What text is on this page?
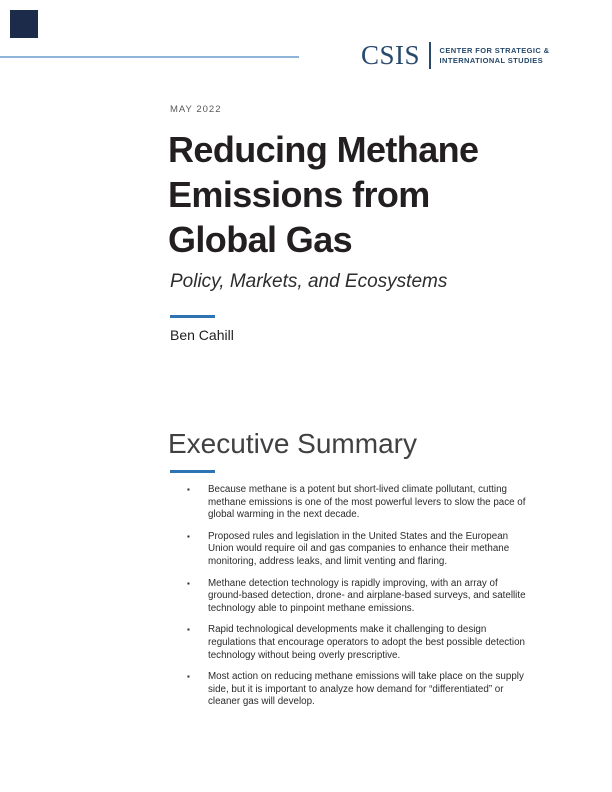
CSIS	CENTER FOR STRATEGIC &
INTERNATIONAL STUDIES
MAY 2022
Reducing Methane
Emissions from
Global Gas
Policy, Markets, and Ecosystems
Ben Cahill
Executive Summary
▪ Because methane is a potent but short-lived climate pollutant, cutting methane emissions is one of the most powerful levers to slow the pace of global warming in the next decade.
▪ Proposed rules and legislation in the United States and the European Union would require oil and gas companies to enhance their methane monitoring, address leaks, and limit venting and flaring.
▪ Methane detection technology is rapidly improving, with an array of ground-based detection, drone- and airplane-based surveys, and satellite technology able to pinpoint methane emissions.
▪ Rapid technological developments make it challenging to design regulations that encourage operators to adopt the best possible detection technology without being overly prescriptive.
▪ Most action on reducing methane emissions will take place on the supply side, but it is important to analyze how demand for “differentiated” or cleaner gas will develop.
